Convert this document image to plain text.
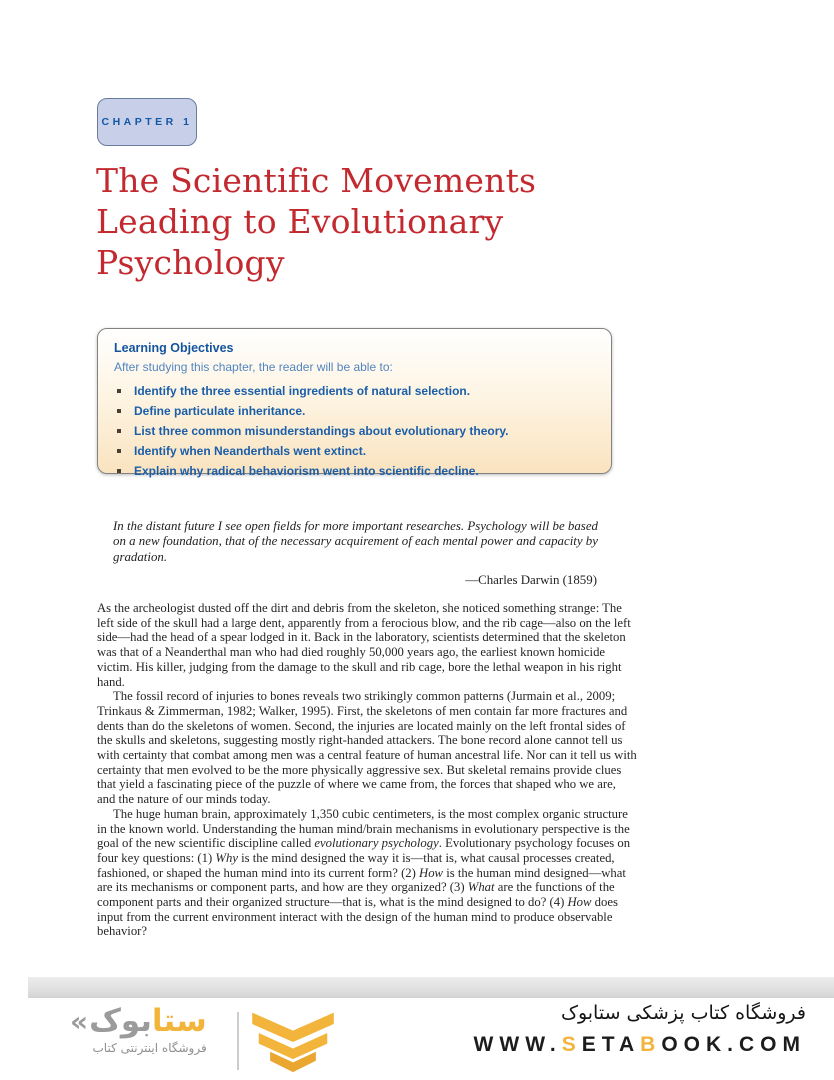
CHAPTER 1
The Scientific Movements
Leading to Evolutionary
Psychology
Learning Objectives
After studying this chapter, the reader will be able to:
Identify the three essential ingredients of natural selection.
Define particulate inheritance.
List three common misunderstandings about evolutionary theory.
Identify when Neanderthals went extinct.
Explain why radical behaviorism went into scientific decline.

In the distant future I see open fields for more important researches. Psychology will be based on a new foundation, that of the necessary acquirement of each mental power and capacity by gradation.

—Charles Darwin (1859)

As the archeologist dusted off the dirt and debris from the skeleton, she noticed something strange: The left side of the skull had a large dent, apparently from a ferocious blow, and the rib cage—also on the left side—had the head of a spear lodged in it. Back in the laboratory, scientists determined that the skeleton was that of a Neanderthal man who had died roughly 50,000 years ago, the earliest known homicide victim. His killer, judging from the damage to the skull and rib cage, bore the lethal weapon in his right hand.

The fossil record of injuries to bones reveals two strikingly common patterns (Jurmain et al., 2009; Trinkaus & Zimmerman, 1982; Walker, 1995). First, the skeletons of men contain far more fractures and dents than do the skeletons of women. Second, the injuries are located mainly on the left frontal sides of the skulls and skeletons, suggesting mostly right-handed attackers. The bone record alone cannot tell us with certainty that combat among men was a central feature of human ancestral life. Nor can it tell us with certainty that men evolved to be the more physically aggressive sex. But skeletal remains provide clues that yield a fascinating piece of the puzzle of where we came from, the forces that shaped who we are, and the nature of our minds today.

The huge human brain, approximately 1,350 cubic centimeters, is the most complex organic structure in the known world. Understanding the human mind/brain mechanisms in evolutionary perspective is the goal of the new scientific discipline called evolutionary psychology. Evolutionary psychology focuses on four key questions: (1) Why is the mind designed the way it is—that is, what causal processes created, fashioned, or shaped the human mind into its current form? (2) How is the human mind designed—what are its mechanisms or component parts, and how are they organized? (3) What are the functions of the component parts and their organized structure—that is, what is the mind designed to do? (4) How does input from the current environment interact with the design of the human mind to produce observable behavior?

«	ستابوک
فروشگاه اینترنتی کتاب
فروشگاه کتاب پزشکی ستابوک
WWW.SETABOOK.COM
